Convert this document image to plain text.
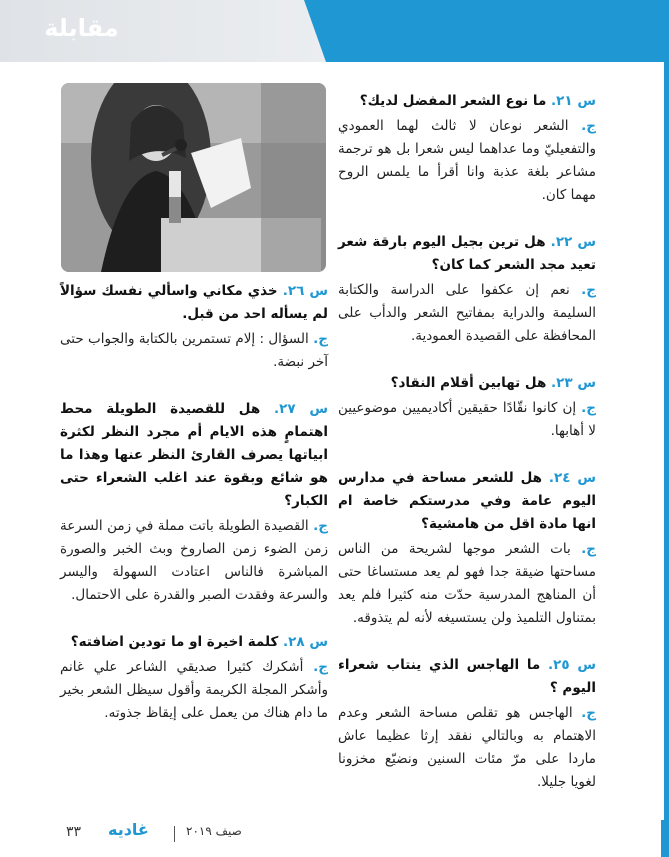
مقابلة
س ٢١. ما نوع الشعر المفضل لديك؟
ج. الشعر نوعان لا ثالث لهما العمودي والتفعيليّ وما عداهما ليس شعرا بل هو ترجمة مشاعر بلغة عذبة وانا أقرأ ما يلمس الروح مهما كان.
س ٢٢. هل ترين بجيل اليوم بارقة شعر تعيد مجد الشعر كما كان؟
ج. نعم إن عكفوا على الدراسة والكتابة السليمة والدراية بمفاتيح الشعر والدأب على المحافظة على القصيدة العمودية.
س ٢٣. هل تهابين أقلام النقاد؟
ج. إن كانوا نقّادًا حقيقين أكاديميين موضوعيين لا أهابها.
س ٢٤. هل للشعر مساحة في مدارس اليوم عامة وفي مدرستكم خاصة ام انها مادة اقل من هامشية؟
ج. بات الشعر موجها لشريحة من الناس مساحتها ضيقة جدا فهو لم يعد مستساغا حتى أن المناهج المدرسية حدّت منه كثيرا فلم يعد بمتناول التلميذ ولن يستسيغه لأنه لم يتذوقه.
س ٢٥. ما الهاجس الذي ينتاب شعراء اليوم ؟
ج. الهاجس هو تقلص مساحة الشعر وعدم الاهتمام به وبالتالي نفقد إرثا عظيما عاش ماردا على مرّ مئات السنين ونضيّع مخزونا لغويا جليلا.
س ٢٦. خذي مكاني واسألي نفسك سؤالاً لم يسأله احد من قبل.
ج. السؤال : إلام تستمرين بالكتابة والجواب حتى آخر نبضة.
س ٢٧. هل للقصيدة الطويلة محط اهتمامٍ هذه الايام أم مجرد النظر لكثرة ابياتها يصرف القارئ النظر عنها وهذا ما هو شائع وبقوة عند اغلب الشعراء حتى الكبار؟
ج. القصيدة الطويلة باتت مملة في زمن السرعة زمن الضوء زمن الصاروخ وبث الخبر والصورة المباشرة فالناس اعتادت السهولة واليسر والسرعة وفقدت الصبر والقدرة على الاحتمال.
س ٢٨. كلمة اخيرة او ما تودين اضافته؟
ج. أشكرك كثيرا صديقي الشاعر علي غانم وأشكر المجلة الكريمة وأقول سيظل الشعر بخير ما دام هناك من يعمل على إيقاظ جذوته.
٣٣ غاديه	صيف ٢٠١٩
